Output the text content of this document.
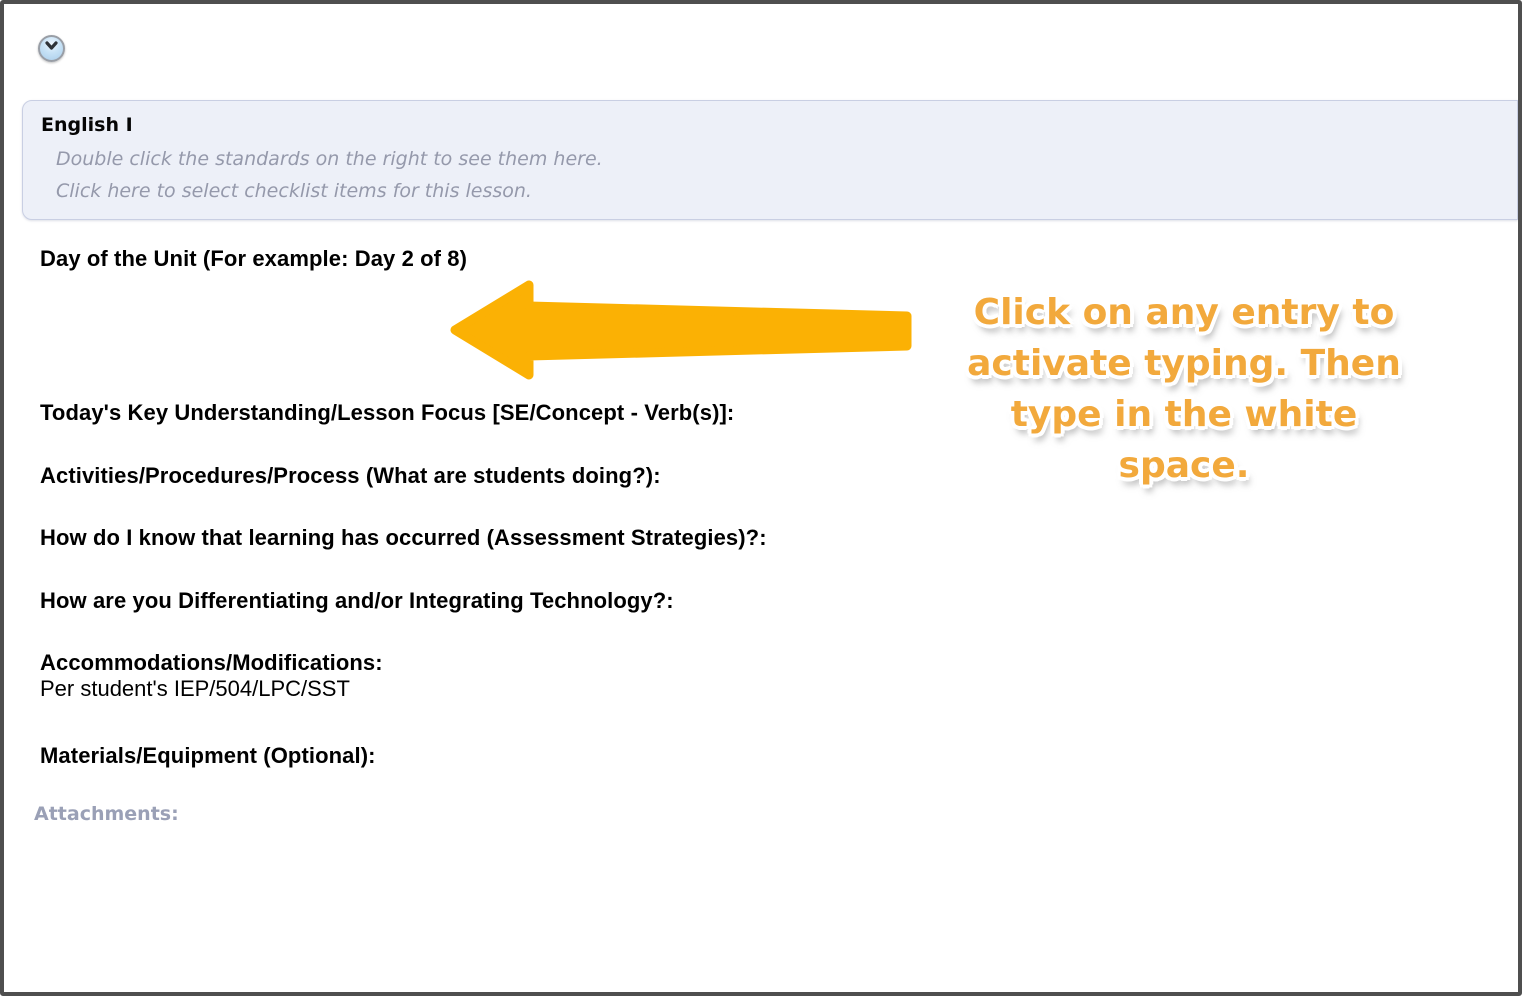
English I

Double click the standards on the right to see them here.

Click here to select checklist items for this lesson.

Day of the Unit (For example: Day 2 of 8)
Today's Key Understanding/Lesson Focus [SE/Concept - Verb(s)]:
Activities/Procedures/Process (What are students doing?):
How do I know that learning has occurred (Assessment Strategies)?:
How are you Differentiating and/or Integrating Technology?:
Accommodations/Modifications:
Per student's IEP/504/LPC/SST
Materials/Equipment (Optional):
Attachments:
Click on any entry to
activate typing. Then
type in the white
space.
